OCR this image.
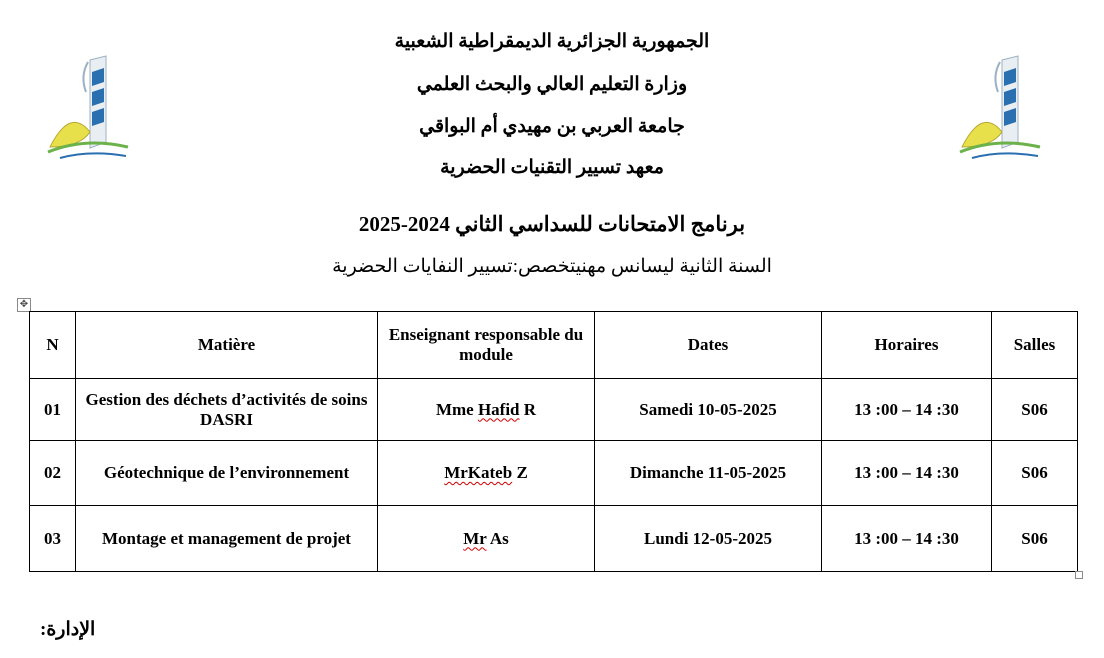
الجمهورية الجزائرية الديمقراطية الشعبية
وزارة التعليم العالي والبحث العلمي
جامعة العربي بن مهيدي أم البواقي
معهد تسيير التقنيات الحضرية
برنامج الامتحانات للسداسي الثاني 2024-2025
السنة الثانية ليسانس مهنيتخصص:تسيير النفايات الحضرية
✥
N	Matière	Enseignant responsable du module	Dates	Horaires	Salles
01	Gestion des déchets d’activités de soins DASRI	Mme Hafid R	Samedi 10-05-2025	13 :00 – 14 :30	S06
02	Géotechnique de l’environnement	MrKateb Z	Dimanche 11-05-2025	13 :00 – 14 :30	S06
03	Montage et management de projet	Mr As	Lundi 12-05-2025	13 :00 – 14 :30	S06
الإدارة:
